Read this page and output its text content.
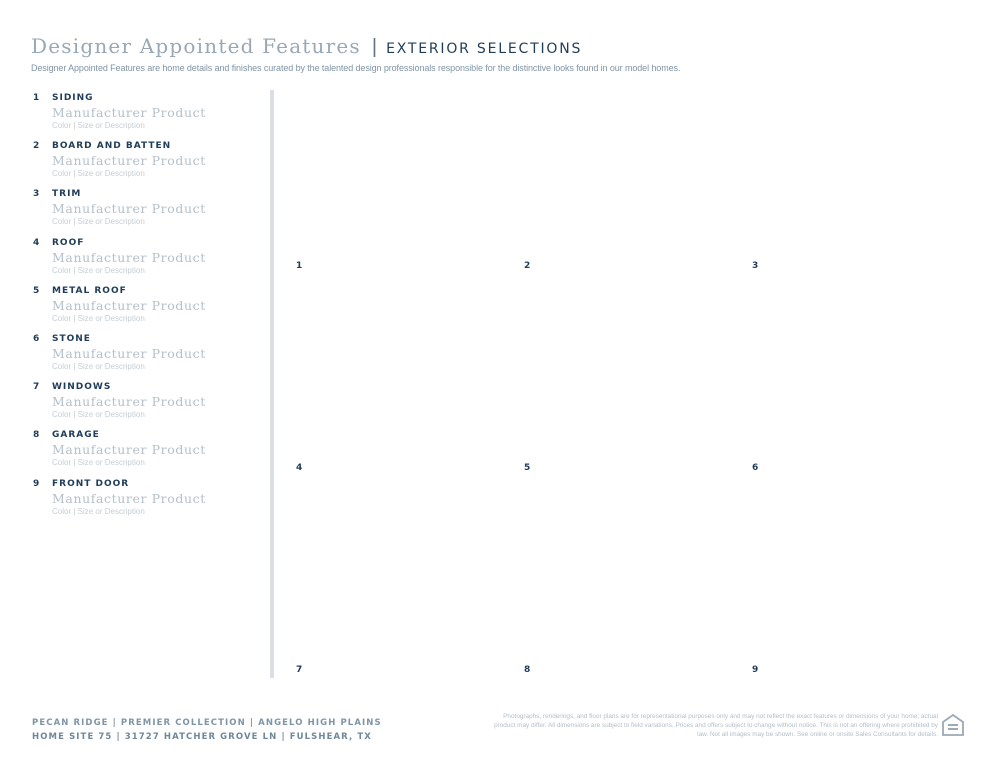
Designer Appointed Features | EXTERIOR SELECTIONS
Designer Appointed Features are home details and finishes curated by the talented design professionals responsible for the distinctive looks found in our model homes.
1	SIDING
Manufacturer Product
Color | Size or Description
2	BOARD AND BATTEN
Manufacturer Product
Color | Size or Description
3	TRIM
Manufacturer Product
Color | Size or Description
4	ROOF
Manufacturer Product
Color | Size or Description
5	METAL ROOF
Manufacturer Product
Color | Size or Description
6	STONE
Manufacturer Product
Color | Size or Description
7	WINDOWS
Manufacturer Product
Color | Size or Description
8	GARAGE
Manufacturer Product
Color | Size or Description
9	FRONT DOOR
Manufacturer Product
Color | Size or Description
1	2	3
4	5	6
7	8	9
PECAN RIDGE | PREMIER COLLECTION | ANGELO HIGH PLAINS
HOME SITE 75 | 31727 HATCHER GROVE LN | FULSHEAR, TX
Photographs, renderings, and floor plans are for representational purposes only and may not reflect the exact features or dimensions of your home; actual product may differ. All dimensions are subject to field variations. Prices and offers subject to change without notice. This is not an offering where prohibited by law. Not all images may be shown. See online or onsite Sales Consultants for details.
